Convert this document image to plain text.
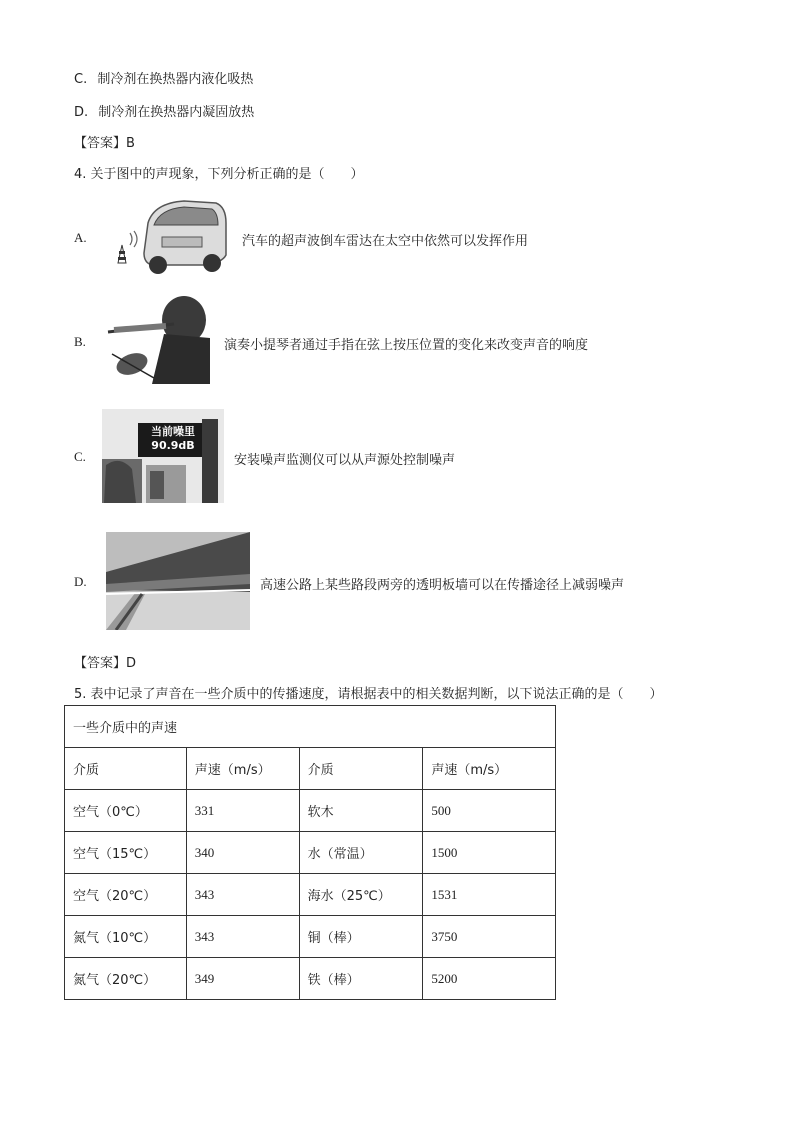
C. 制冷剂在换热器内液化吸热
D. 制冷剂在换热器内凝固放热
【答案】B
4. 关于图中的声现象，下列分析正确的是（　　）
A.	汽车的超声波倒车雷达在太空中依然可以发挥作用
B.	演奏小提琴者通过手指在弦上按压位置的变化来改变声音的响度
C.
当前噪里
90.9dB
安装噪声监测仪可以从声源处控制噪声
D.	高速公路上某些路段两旁的透明板墙可以在传播途径上减弱噪声
【答案】D
5. 表中记录了声音在一些介质中的传播速度，请根据表中的相关数据判断，以下说法正确的是（　　）
一些介质中的声速			
介质	声速（m/s）	介质	声速（m/s）
空气（0℃）	331	软木	500
空气（15℃）	340	水（常温）	1500
空气（20℃）	343	海水（25℃）	1531
氮气（10℃）	343	铜（棒）	3750
氮气（20℃）	349	铁（棒）	5200
